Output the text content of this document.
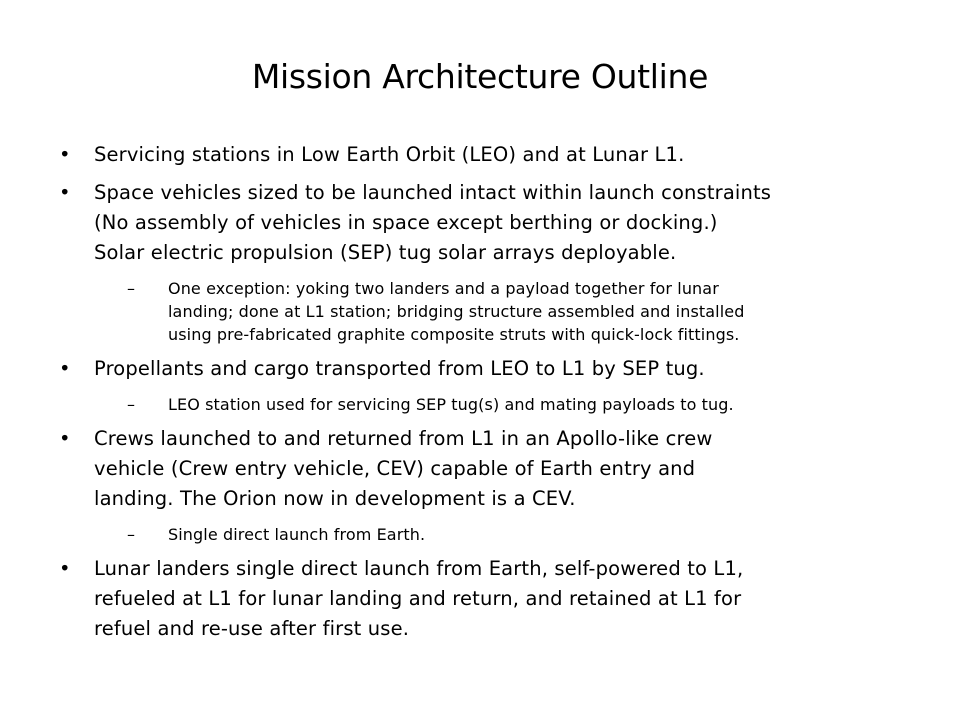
Mission Architecture Outline
•	Servicing stations in Low Earth Orbit (LEO) and at Lunar L1.
•	Space vehicles sized to be launched intact within launch constraints
(No assembly of vehicles in space except berthing or docking.)
Solar electric propulsion (SEP) tug solar arrays deployable.
– One exception: yoking two landers and a payload together for lunar
landing; done at L1 station; bridging structure assembled and installed
using pre-fabricated graphite composite struts with quick-lock fittings.
•	Propellants and cargo transported from LEO to L1 by SEP tug.
– LEO station used for servicing SEP tug(s) and mating payloads to tug.
•	Crews launched to and returned from L1 in an Apollo-like crew
vehicle (Crew entry vehicle, CEV) capable of Earth entry and
landing. The Orion now in development is a CEV.
– Single direct launch from Earth.
•	Lunar landers single direct launch from Earth, self-powered to L1,
refueled at L1 for lunar landing and return, and retained at L1 for
refuel and re-use after first use.
